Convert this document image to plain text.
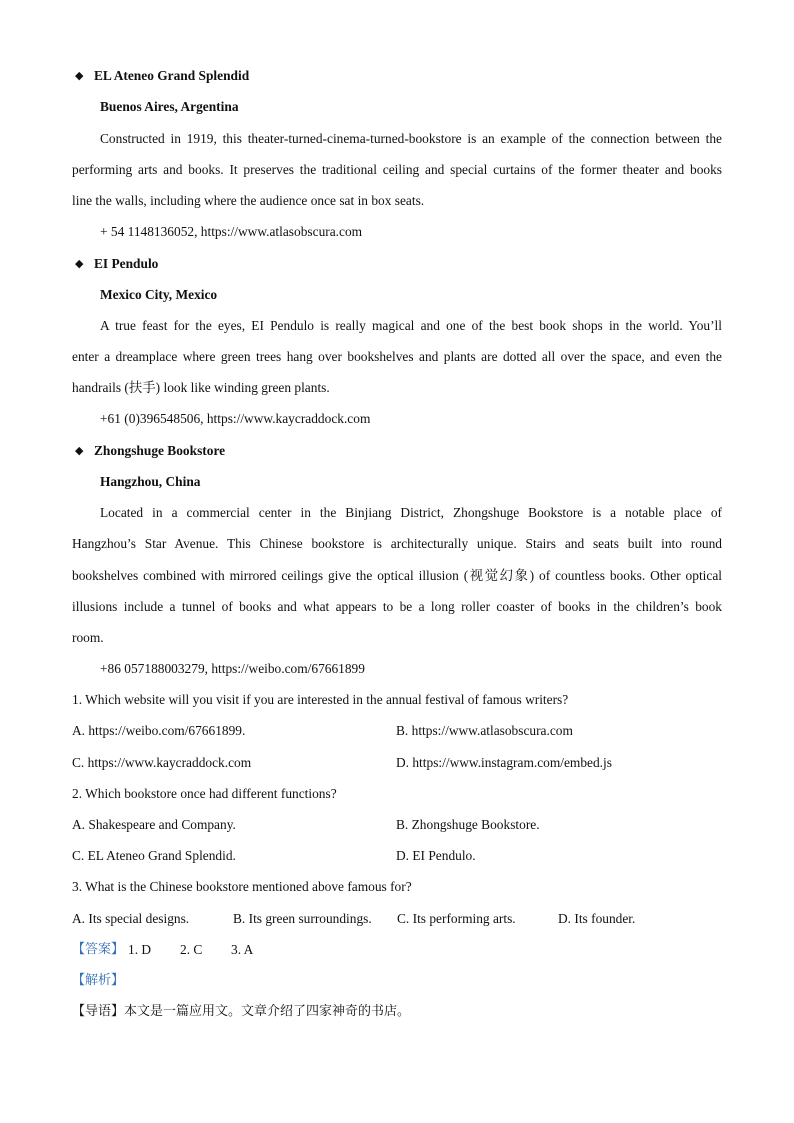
◆ EL Ateneo Grand Splendid
Buenos Aires, Argentina
Constructed in 1919, this theater-turned-cinema-turned-bookstore is an example of the connection between the
performing arts and books. It preserves the traditional ceiling and special curtains of the former theater and books
line the walls, including where the audience once sat in box seats.
+ 54 1148136052, https://www.atlasobscura.com
◆ EI Pendulo
Mexico City, Mexico
A true feast for the eyes, EI Pendulo is really magical and one of the best book shops in the world. You’ll
enter a dreamplace where green trees hang over bookshelves and plants are dotted all over the space, and even the
handrails (扶手) look like winding green plants.
+61 (0)396548506, https://www.kaycraddock.com
◆ Zhongshuge Bookstore
Hangzhou, China
Located in a commercial center in the Binjiang District, Zhongshuge Bookstore is a notable place of
Hangzhou’s Star Avenue. This Chinese bookstore is architecturally unique. Stairs and seats built into round
bookshelves combined with mirrored ceilings give the optical illusion (视觉幻象) of countless books. Other optical
illusions include a tunnel of books and what appears to be a long roller coaster of books in the children’s book
room.
+86 057188003279, https://weibo.com/67661899
1. Which website will you visit if you are interested in the annual festival of famous writers?
A. https://weibo.com/67661899.	B. https://www.atlasobscura.com
C. https://www.kaycraddock.com	D. https://www.instagram.com/embed.js
2. Which bookstore once had different functions?
A. Shakespeare and Company.	B. Zhongshuge Bookstore.
C. EL Ateneo Grand Splendid.	D. EI Pendulo.
3. What is the Chinese bookstore mentioned above famous for?
A. Its special designs.	B. Its green surroundings. C. Its performing arts.	D. Its founder.
【答案】 1. D 2. C 3. A
【解析】
【导语】 本文是一篇应用文。文章介绍了四家神奇的书店。
